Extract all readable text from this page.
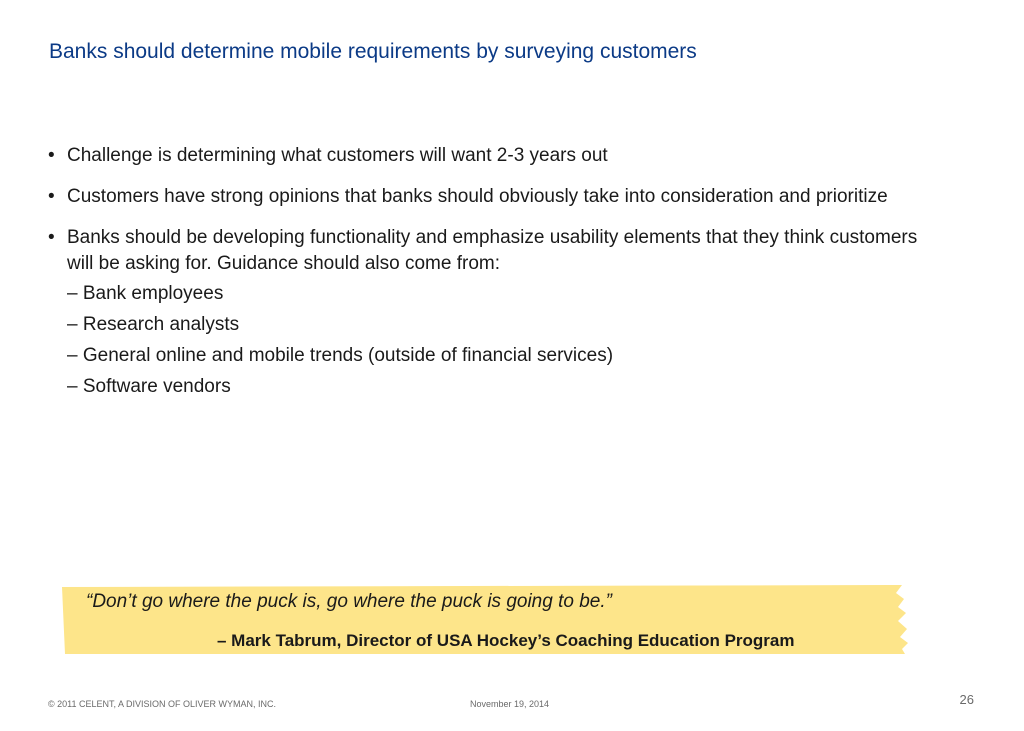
Banks should determine mobile requirements by surveying customers
• Challenge is determining what customers will want 2-3 years out
• Customers have strong opinions that banks should obviously take into consideration and prioritize
• Banks should be developing functionality and emphasize usability elements that they think customers will be asking for. Guidance should also come from:
– Bank employees
– Research analysts
– General online and mobile trends (outside of financial services)
– Software vendors
“Don’t go where the puck is, go where the puck is going to be.”
– Mark Tabrum, Director of USA Hockey’s Coaching Education Program
© 2011 CELENT, A DIVISION OF OLIVER WYMAN, INC.	November 19, 2014	26
